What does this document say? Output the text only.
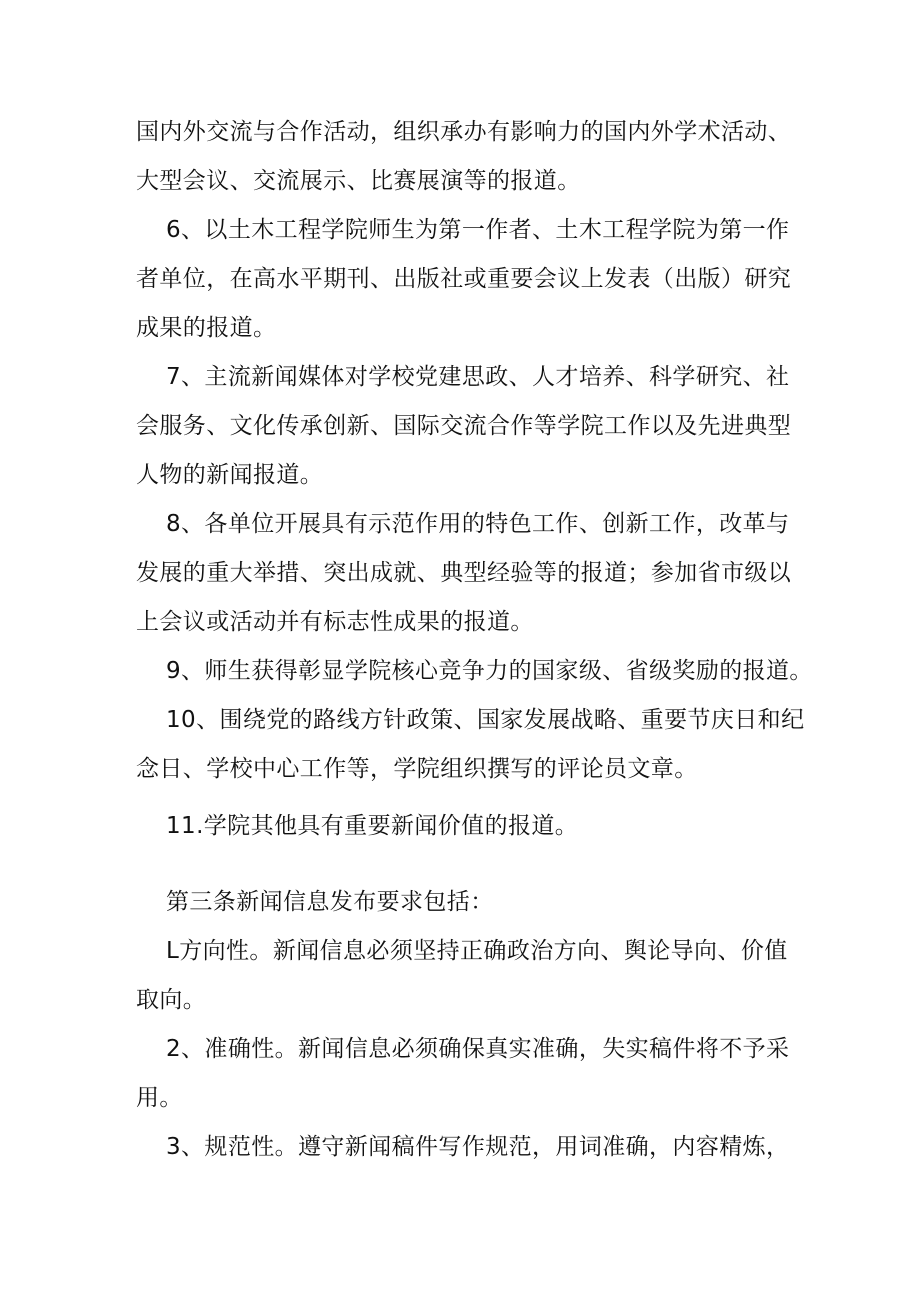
国内外交流与合作活动，组织承办有影响力的国内外学术活动、
大型会议、交流展示、比赛展演等的报道。
6、以土木工程学院师生为第一作者、土木工程学院为第一作
者单位，在高水平期刊、出版社或重要会议上发表（出版）研究
成果的报道。
7、主流新闻媒体对学校党建思政、人才培养、科学研究、社
会服务、文化传承创新、国际交流合作等学院工作以及先进典型
人物的新闻报道。
8、各单位开展具有示范作用的特色工作、创新工作，改革与
发展的重大举措、突出成就、典型经验等的报道；参加省市级以
上会议或活动并有标志性成果的报道。
9、师生获得彰显学院核心竞争力的国家级、省级奖励的报道。
10、围绕党的路线方针政策、国家发展战略、重要节庆日和纪
念日、学校中心工作等，学院组织撰写的评论员文章。
11.学院其他具有重要新闻价值的报道。
第三条新闻信息发布要求包括：
L方向性。新闻信息必须坚持正确政治方向、舆论导向、价值
取向。
2、准确性。新闻信息必须确保真实准确，失实稿件将不予采
用。
3、规范性。遵守新闻稿件写作规范，用词准确，内容精炼，
